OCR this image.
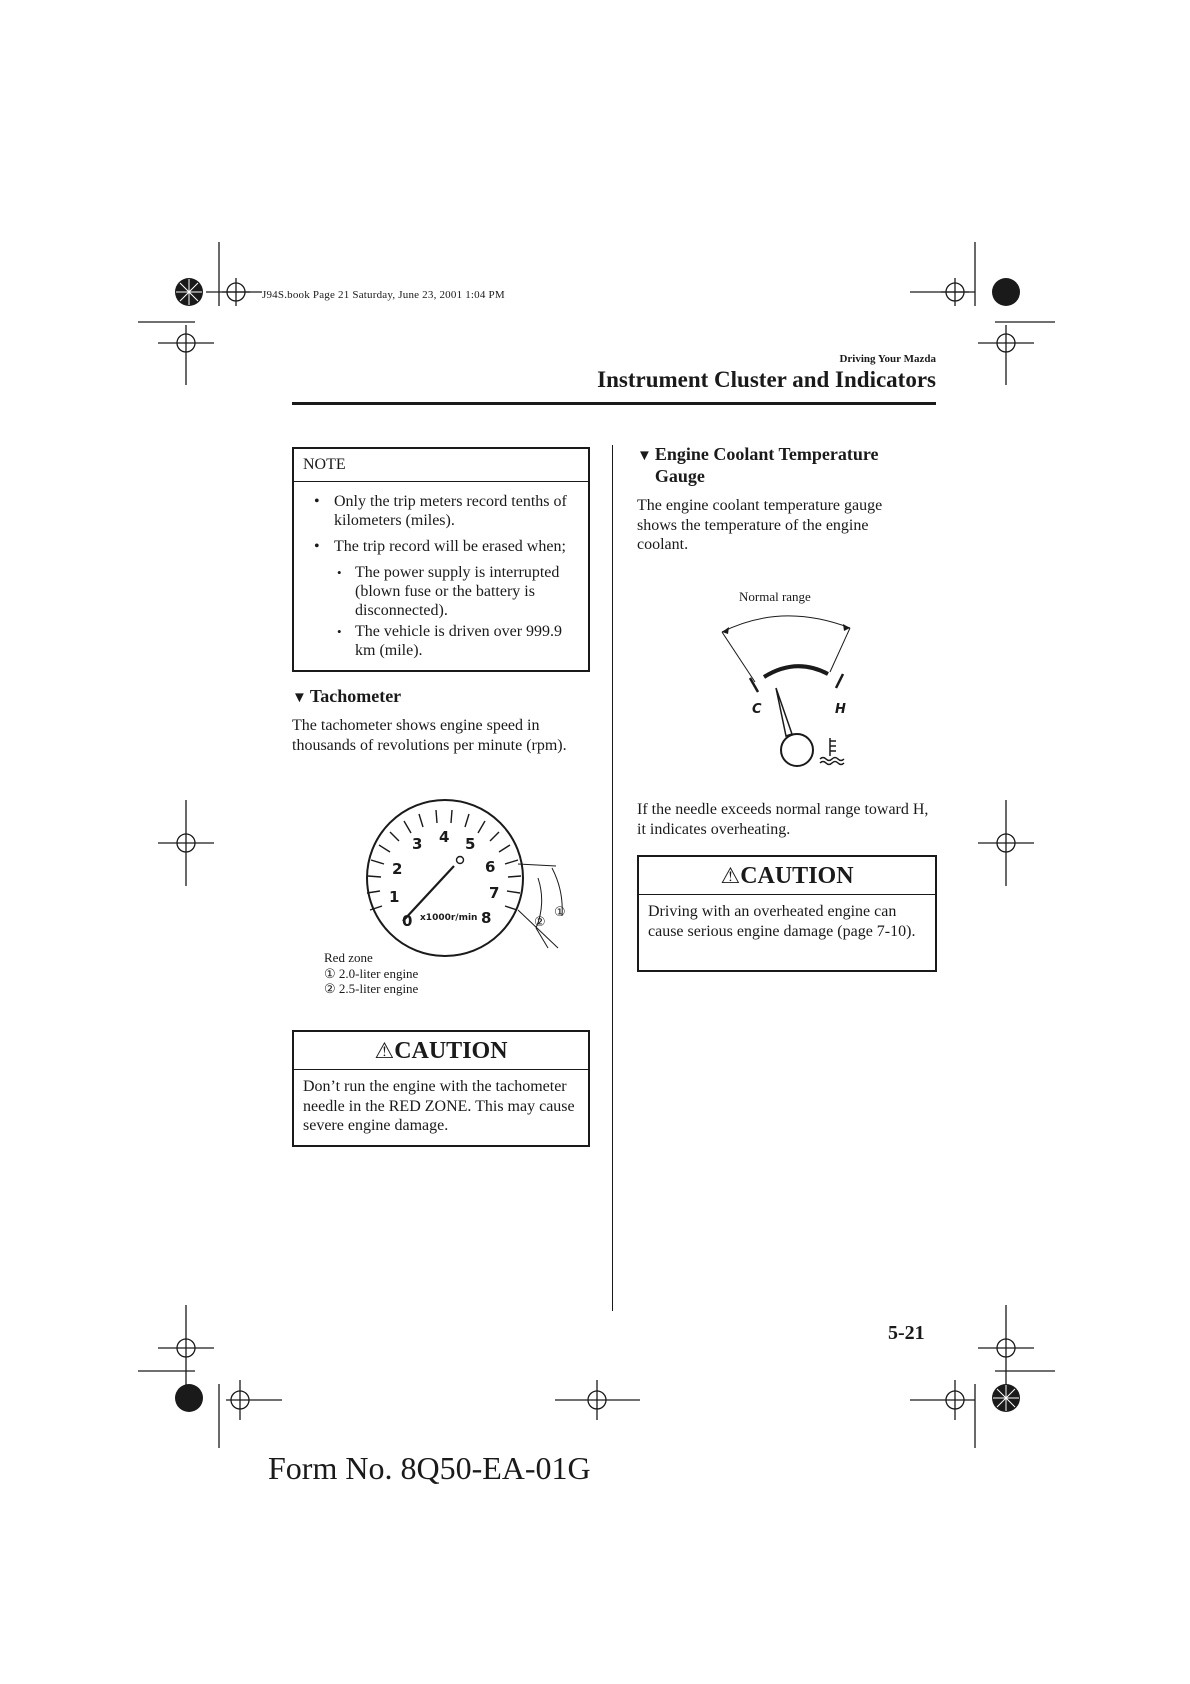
J94S.book Page 21 Saturday, June 23, 2001 1:04 PM
Driving Your Mazda
Instrument Cluster and Indicators
NOTE
• Only the trip meters record tenths of kilometers (miles).
• The trip record will be erased when;
• The power supply is interrupted (blown fuse or the battery is disconnected).
• The vehicle is driven over 999.9 km (mile).
▼ Tachometer
The tachometer shows engine speed in thousands of revolutions per minute (rpm).
0
1
2
3 4 5
6
7
8
x1000r/min	②
①
Red zone
① 2.0-liter engine
② 2.5-liter engine
⚠CAUTION
Don’t run the engine with the tachometer needle in the RED ZONE. This may cause severe engine damage.
▼ Engine Coolant Temperature Gauge
The engine coolant temperature gauge shows the temperature of the engine coolant.
Normal range
C	H
If the needle exceeds normal range toward H, it indicates overheating.
⚠CAUTION
Driving with an overheated engine can cause serious engine damage (page 7-10).
5-21
Form No. 8Q50-EA-01G
